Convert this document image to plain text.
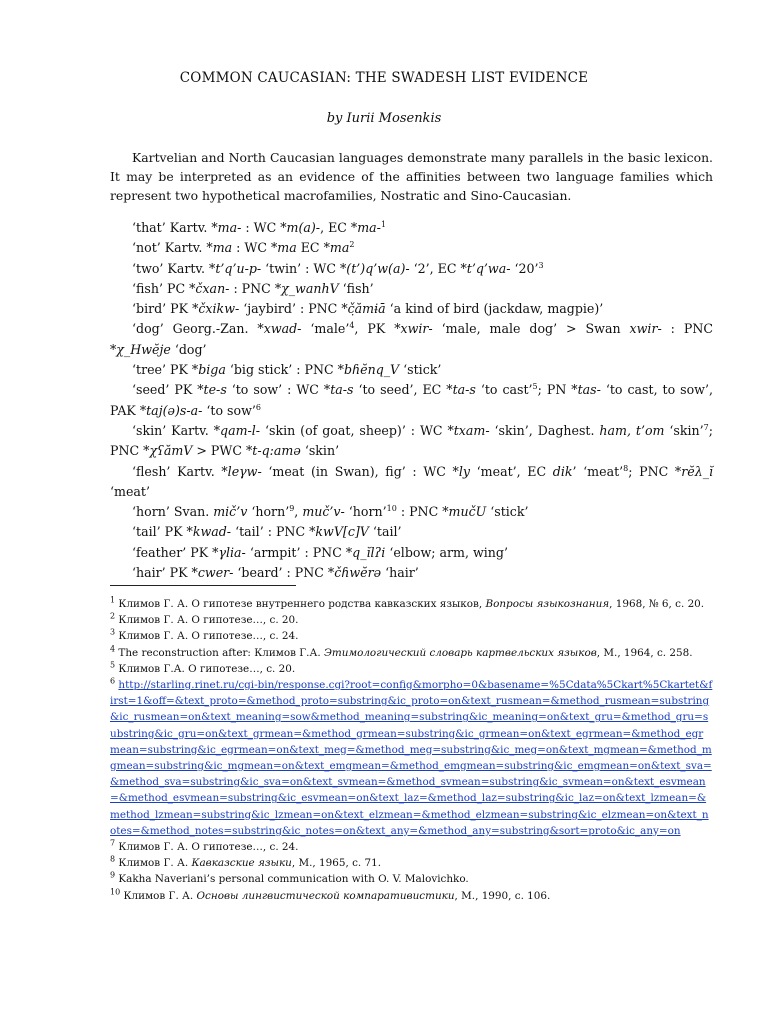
COMMON CAUCASIAN: THE SWADESH LIST EVIDENCE
by Iurii Mosenkis

Kartvelian and North Caucasian languages demonstrate many parallels in the basic lexicon. It may be interpreted as an evidence of the affinities between two language families which represent two hypothetical macrofamilies, Nostratic and Sino-Caucasian.

‘that’ Kartv. *ma- : WC *m(a)-, EC *ma-$^1$

‘not’ Kartv. *ma : WC *ma EC $*ma^2$

‘two’ Kartv. *t’q’u-p- ‘twin’ : WC *(t’)q’w(a)- ‘2’, EC *t’q’wa- ‘20’$^3$

‘fish’ PC *čxan- : PNC *χ_wanhV ‘fish’

‘bird’ PK *čxikw- ‘jaybird’ : PNC *č̣ămɨā ‘a kind of bird (jackdaw, magpie)’

‘dog’ Georg.-Zan. *xwad- ‘male’$^4$, PK *xwir- ‘male, male dog’ > Swan xwir- : PNC *χ_Hwĕje ‘dog’

‘tree’ PK *biga ‘big stick’ : PNC *bɦĕnq_V ‘stick’

‘seed’ PK *te-s ‘to sow’ : WC *ta-s ‘to seed’, EC *ta-s ‘to cast’$^5$; PN *tas- ‘to cast, to sow’, PAK *taj(ə)s-a- ‘to sow’$^6$

‘skin’ Kartv. *qam-l- ‘skin (of goat, sheep)’ : WC *txam- ‘skin’, Daghest. ham, t’om ‘skin’$^7$; PNC *χʕămV > PWC *t-q:amə ‘skin’

‘flesh’ Kartv. *leγw- ‘meat (in Swan), fig’ : WC *ly ‘meat’, EC dik’ ‘meat’$^8$; PNC *rĕλ_ĭ ‘meat’

‘horn’ Svan. mič’v ‘horn’$^9$, muč’v- ‘horn’$^{10}$ : PNC *mučU ‘stick’

‘tail’ PK *kwad- ‘tail’ : PNC *kwV[c]V ‘tail’

‘feather’ PK *γlia- ‘armpit’ : PNC *q_ĭlʔi ‘elbow; arm, wing’

‘hair’ PK *cwer- ‘beard’ : PNC *čɦwĕrə ‘hair’

$^1$ Климов Г. А. О гипотезе внутреннего родства кавказских языков, Вопросы языкознания, 1968, № 6, с. 20.

$^2$ Климов Г. А. О гипотезе…, с. 20.

$^3$ Климов Г. А. О гипотезе…, с. 24.

$^4$ The reconstruction after: Климов Г.А. Этимологический словарь картвельских языков, М., 1964, с. 258.

$^5$ Климов Г.А. О гипотезе…, с. 20.

$^6$ http://starling.rinet.ru/cgi-bin/response.cgi?root=config&morpho=0&basename=%5Cdata%5Ckart%5Ckartet&first=1&off=&text_proto=&method_proto=substring&ic_proto=on&text_rusmean=&method_rusmean=substring&ic_rusmean=on&text_meaning=sow&method_meaning=substring&ic_meaning=on&text_gru=&method_gru=substring&ic_gru=on&text_grmean=&method_grmean=substring&ic_grmean=on&text_egrmean=&method_egrmean=substring&ic_egrmean=on&text_meg=&method_meg=substring&ic_meg=on&text_mgmean=&method_mgmean=substring&ic_mgmean=on&text_emgmean=&method_emgmean=substring&ic_emgmean=on&text_sva=&method_sva=substring&ic_sva=on&text_svmean=&method_svmean=substring&ic_svmean=on&text_esvmean=&method_esvmean=substring&ic_esvmean=on&text_laz=&method_laz=substring&ic_laz=on&text_lzmean=&method_lzmean=substring&ic_lzmean=on&text_elzmean=&method_elzmean=substring&ic_elzmean=on&text_notes=&method_notes=substring&ic_notes=on&text_any=&method_any=substring&sort=proto&ic_any=on

$^7$ Климов Г. А. О гипотезе…, с. 24.

$^8$ Климов Г. А. Кавказские языки, М., 1965, с. 71.

$^9$ Kakha Naveriani’s personal communication with O. V. Malovichko.

$^{10}$ Климов Г. А. Основы лингвистической компаративистики, М., 1990, с. 106.
